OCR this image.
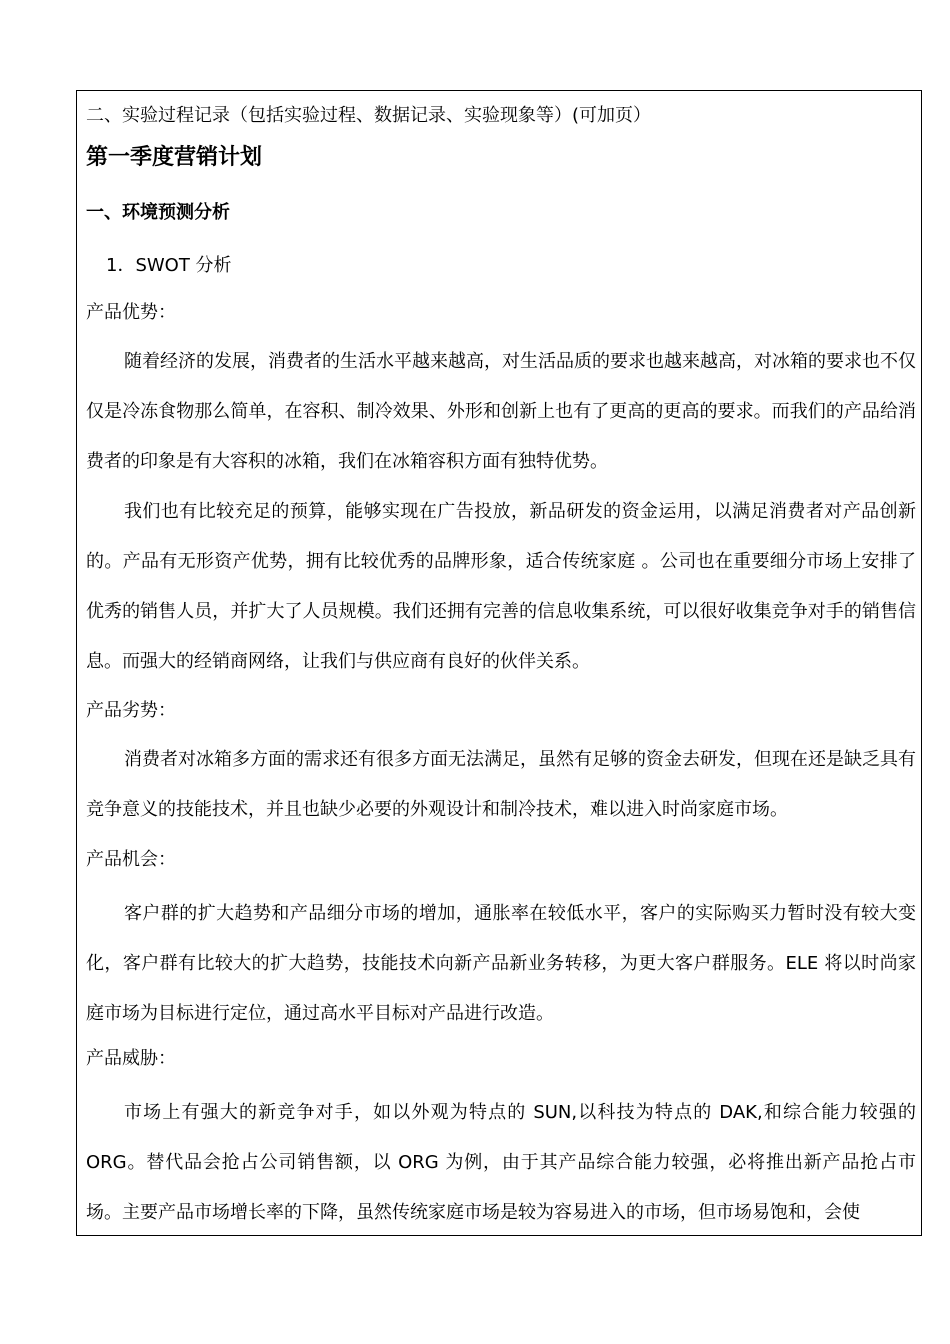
二、实验过程记录（包括实验过程、数据记录、实验现象等）(可加页）
第一季度营销计划
一、环境预测分析
1．SWOT 分析
产品优势：
随着经济的发展，消费者的生活水平越来越高，对生活品质的要求也越来越高，对冰箱的要求也不仅仅是冷冻食物那么简单，在容积、制冷效果、外形和创新上也有了更高的更高的要求。而我们的产品给消费者的印象是有大容积的冰箱，我们在冰箱容积方面有独特优势。
我们也有比较充足的预算，能够实现在广告投放，新品研发的资金运用，以满足消费者对产品创新的。产品有无形资产优势，拥有比较优秀的品牌形象，适合传统家庭 。公司也在重要细分市场上安排了优秀的销售人员，并扩大了人员规模。我们还拥有完善的信息收集系统，可以很好收集竞争对手的销售信息。而强大的经销商网络，让我们与供应商有良好的伙伴关系。
产品劣势：
消费者对冰箱多方面的需求还有很多方面无法满足，虽然有足够的资金去研发，但现在还是缺乏具有竞争意义的技能技术，并且也缺少必要的外观设计和制冷技术，难以进入时尚家庭市场。
产品机会：
客户群的扩大趋势和产品细分市场的增加，通胀率在较低水平，客户的实际购买力暂时没有较大变化，客户群有比较大的扩大趋势，技能技术向新产品新业务转移，为更大客户群服务。ELE 将以时尚家庭市场为目标进行定位，通过高水平目标对产品进行改造。
产品威胁：
市场上有强大的新竞争对手，如以外观为特点的 SUN,以科技为特点的 DAK,和综合能力较强的 ORG。替代品会抢占公司销售额，以 ORG 为例，由于其产品综合能力较强，必将推出新产品抢占市场。主要产品市场增长率的下降，虽然传统家庭市场是较为容易进入的市场，但市场易饱和，会使
